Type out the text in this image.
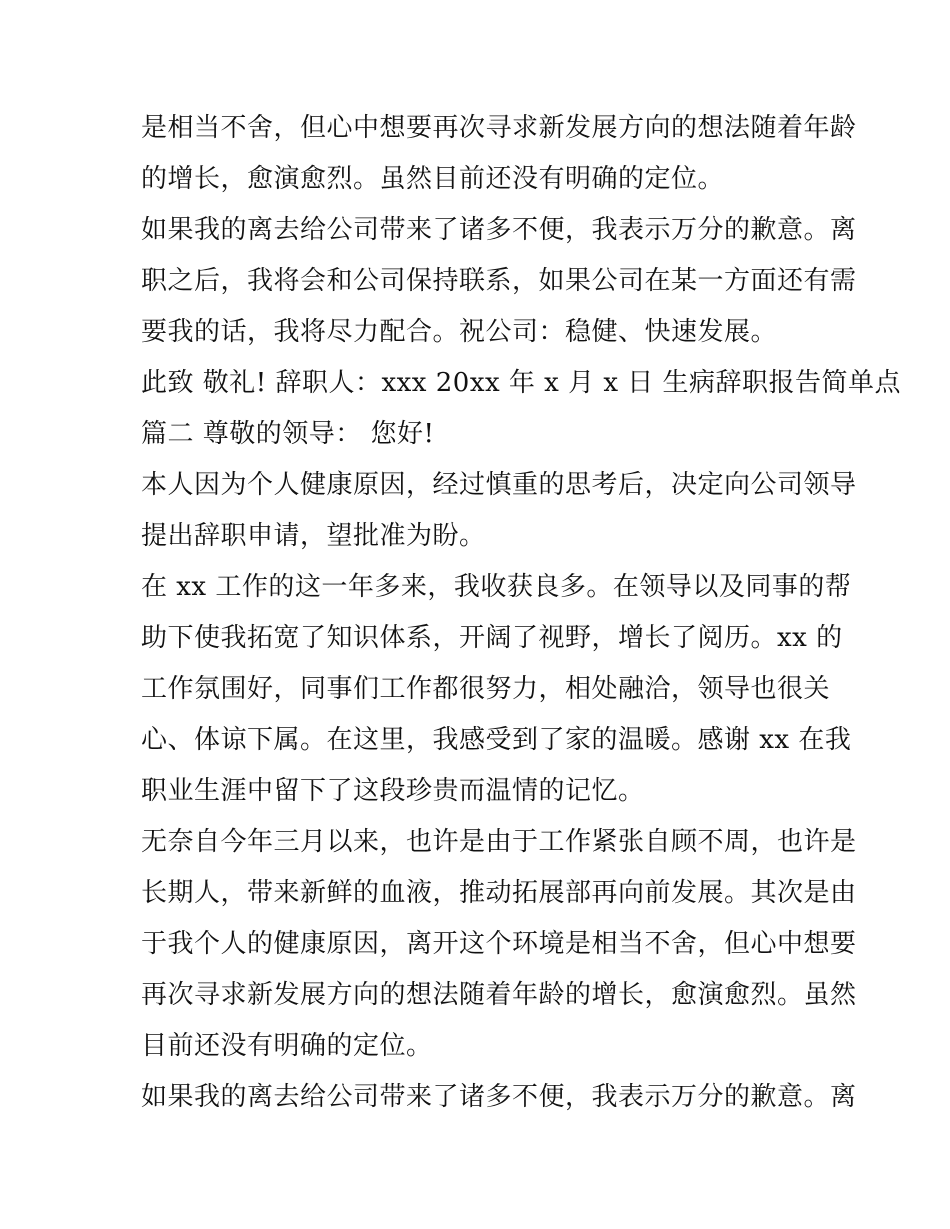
是相当不舍，但心中想要再次寻求新发展方向的想法随着年龄
的增长，愈演愈烈。虽然目前还没有明确的定位。
如果我的离去给公司带来了诸多不便，我表示万分的歉意。离
职之后，我将会和公司保持联系，如果公司在某一方面还有需
要我的话，我将尽力配合。祝公司：稳健、快速发展。
此致 敬礼! 辞职人：xxx 20xx 年 x 月 x 日 生病辞职报告简单点
篇二 尊敬的领导： 您好!
本人因为个人健康原因，经过慎重的思考后，决定向公司领导
提出辞职申请，望批准为盼。
在 xx 工作的这一年多来，我收获良多。在领导以及同事的帮
助下使我拓宽了知识体系，开阔了视野，增长了阅历。xx 的
工作氛围好，同事们工作都很努力，相处融洽，领导也很关
心、体谅下属。在这里，我感受到了家的温暖。感谢 xx 在我
职业生涯中留下了这段珍贵而温情的记忆。
无奈自今年三月以来，也许是由于工作紧张自顾不周，也许是
长期人，带来新鲜的血液，推动拓展部再向前发展。其次是由
于我个人的健康原因，离开这个环境是相当不舍，但心中想要
再次寻求新发展方向的想法随着年龄的增长，愈演愈烈。虽然
目前还没有明确的定位。
如果我的离去给公司带来了诸多不便，我表示万分的歉意。离
